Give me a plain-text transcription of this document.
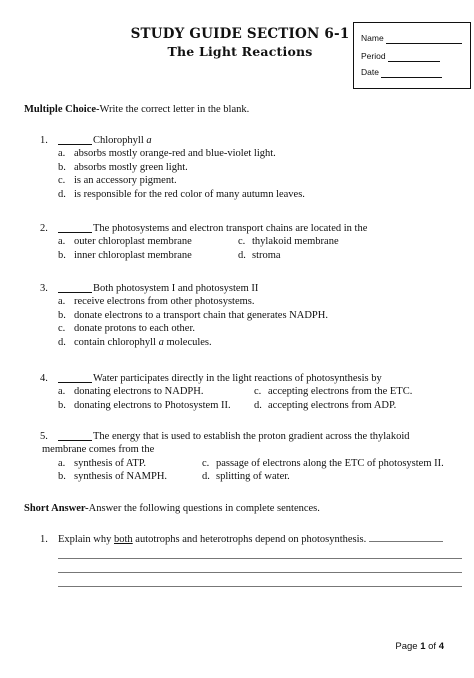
STUDY GUIDE SECTION 6-1
The Light Reactions
Name
Period
Date
Multiple Choice-Write the correct letter in the blank.
1.	Chlorophyll a
a. absorbs mostly orange-red and blue-violet light.
b. absorbs mostly green light.
c. is an accessory pigment.
d. is responsible for the red color of many autumn leaves.
2.	The photosystems and electron transport chains are located in the
a. outer chloroplast membrane	c. thylakoid membrane
b. inner chloroplast membrane	d. stroma
3.	Both photosystem I and photosystem II
a. receive electrons from other photosystems.
b. donate electrons to a transport chain that generates NADPH.
c. donate protons to each other.
d. contain chlorophyll a molecules.
4.	Water participates directly in the light reactions of photosynthesis by
a. donating electrons to NADPH.	c. accepting electrons from the ETC.
b. donating electrons to Photosystem II.	d. accepting electrons from ADP.
5.	The energy that is used to establish the proton gradient across the thylakoid
membrane comes from the
a. synthesis of ATP.	c. passage of electrons along the ETC of photosystem II.
b. synthesis of NAMPH.	d. splitting of water.
Short Answer-Answer the following questions in complete sentences.
1. Explain why both autotrophs and heterotrophs depend on photosynthesis.
Page 1 of 4
